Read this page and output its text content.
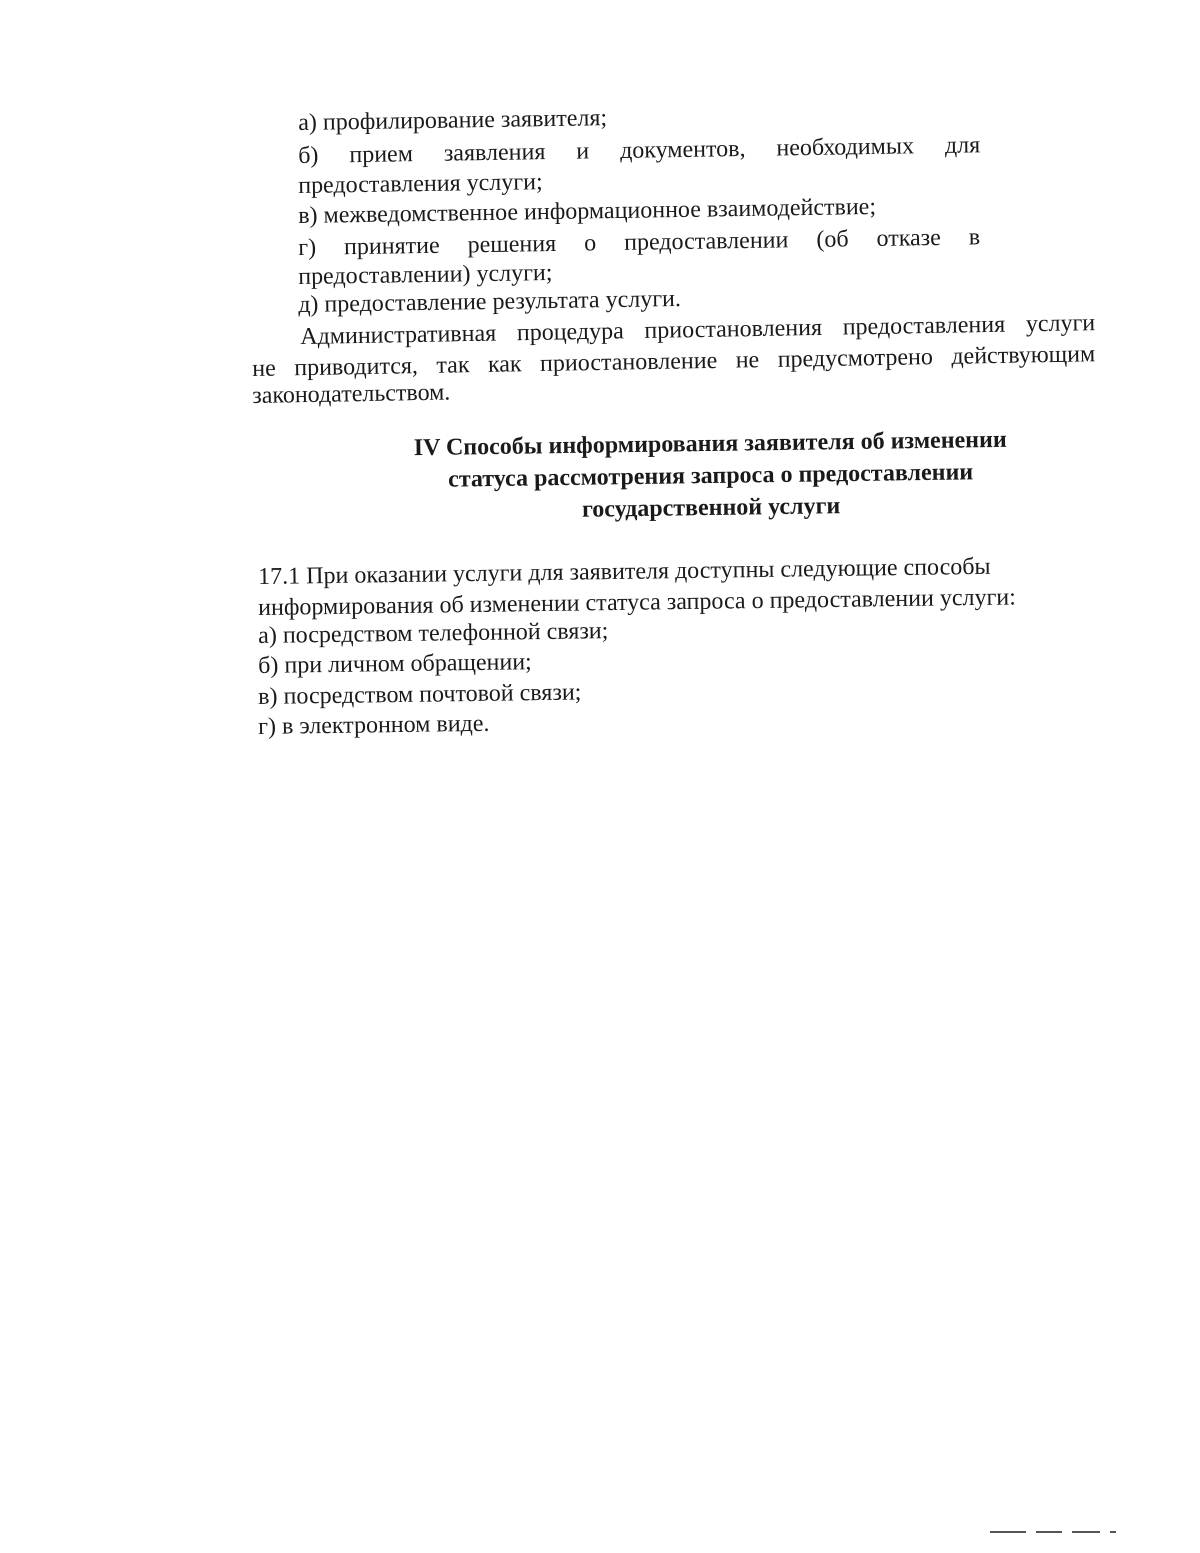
а) профилирование заявителя;
б) прием заявления и документов, необходимых для
предоставления услуги;
в) межведомственное информационное взаимодействие;
г) принятие решения о предоставлении (об отказе в
предоставлении) услуги;
д) предоставление результата услуги.
Административная процедура приостановления предоставления услуги
не приводится, так как приостановление не предусмотрено действующим
законодательством.
IV Способы информирования заявителя об изменении
статуса рассмотрения запроса о предоставлении
государственной услуги
17.1 При оказании услуги для заявителя доступны следующие способы
информирования об изменении статуса запроса о предоставлении услуги:
а) посредством телефонной связи;
б) при личном обращении;
в) посредством почтовой связи;
г) в электронном виде.
